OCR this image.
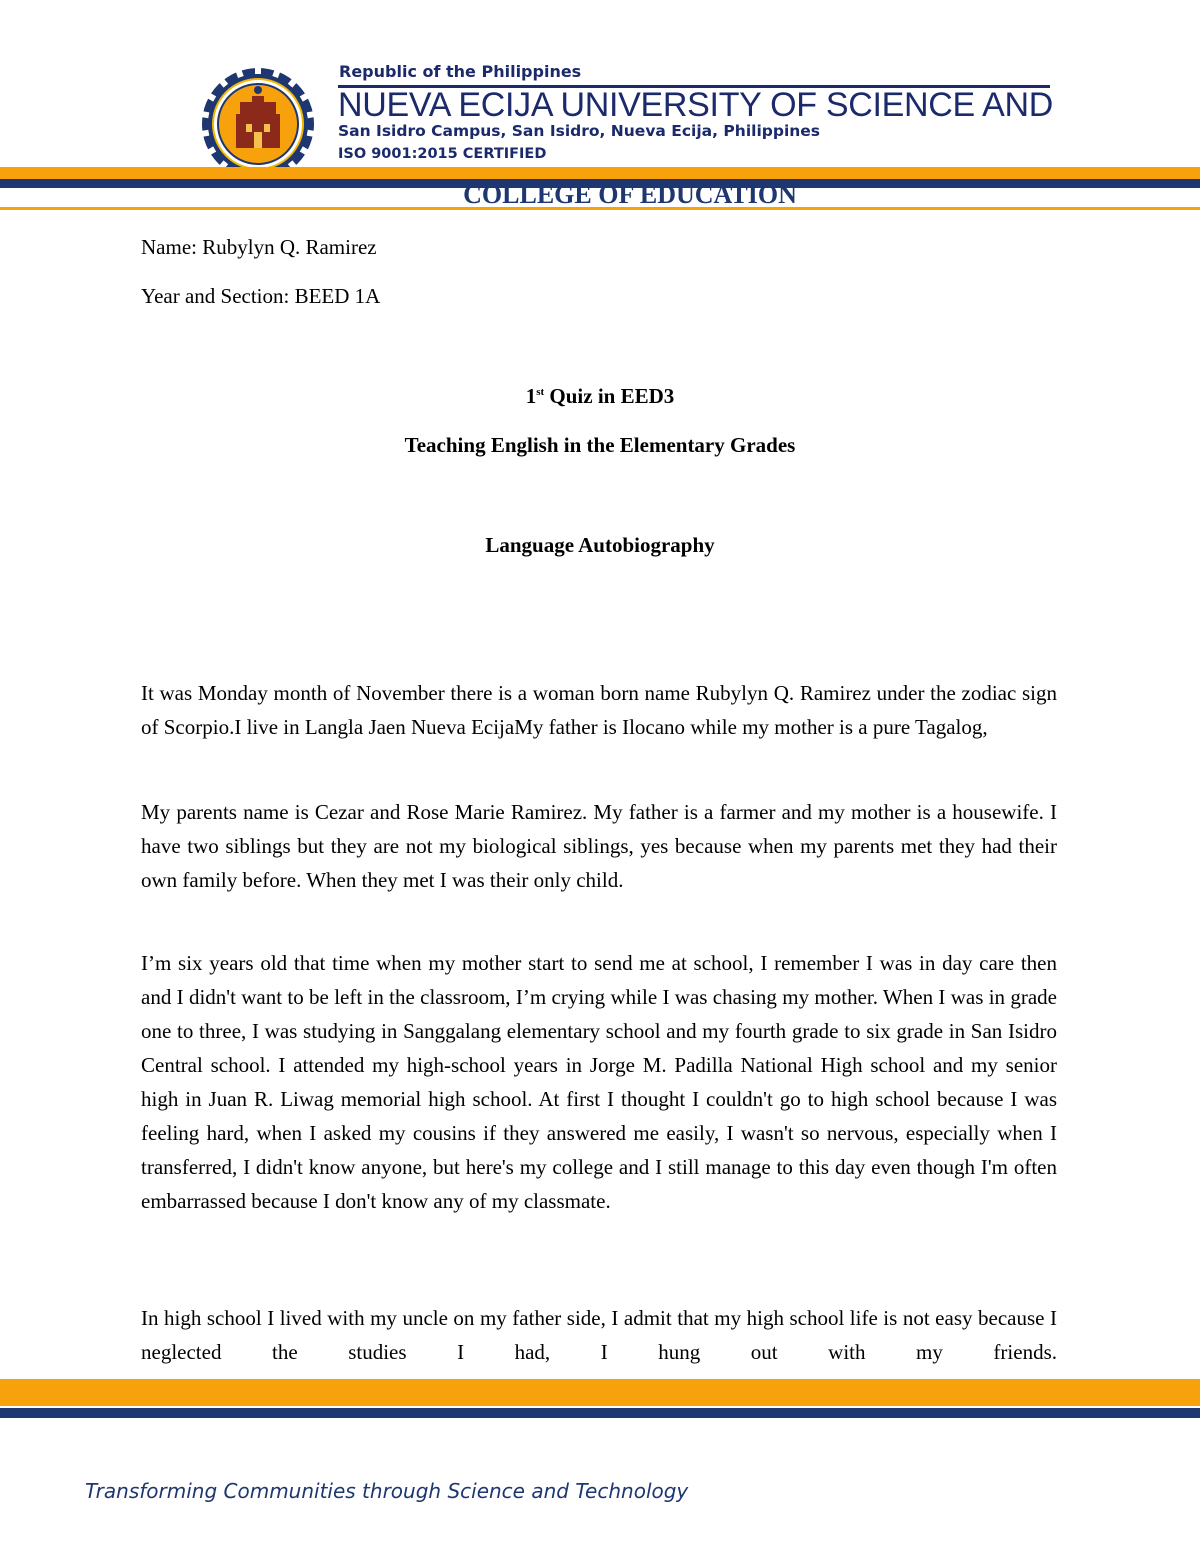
Republic of the Philippines
NUEVA ECIJA UNIVERSITY OF SCIENCE AND
San Isidro Campus, San Isidro, Nueva Ecija, Philippines
ISO 9001:2015 CERTIFIED
COLLEGE OF EDUCATION
Name: Rubylyn Q. Ramirez
Year and Section: BEED 1A
1st Quiz in EED3
Teaching English in the Elementary Grades
Language Autobiography
It was Monday month of November there is a woman born name Rubylyn Q. Ramirez under the zodiac sign of Scorpio.I live in Langla Jaen Nueva EcijaMy father is Ilocano while my mother is a pure Tagalog,
My parents name is Cezar and Rose Marie Ramirez. My father is a farmer and my mother is a housewife. I have two siblings but they are not my biological siblings, yes because when my parents met they had their own family before. When they met I was their only child.
I’m six years old that time when my mother start to send me at school, I remember I was in day care then and I didn't want to be left in the classroom, I’m crying while I was chasing my mother. When I was in grade one to three, I was studying in Sanggalang elementary school and my fourth grade to six grade in San Isidro Central school. I attended my high-school years in Jorge M. Padilla National High school and my senior high in Juan R. Liwag memorial high school. At first I thought I couldn't go to high school because I was feeling hard, when I asked my cousins if they answered me easily, I wasn't so nervous, especially when I transferred, I didn't know anyone, but here's my college and I still manage to this day even though I'm often embarrassed because I don't know any of my classmate.
In high school I lived with my uncle on my father side, I admit that my high school life is not easy because I neglected the studies I had, I hung out with my friends.
Transforming Communities through Science and Technology
